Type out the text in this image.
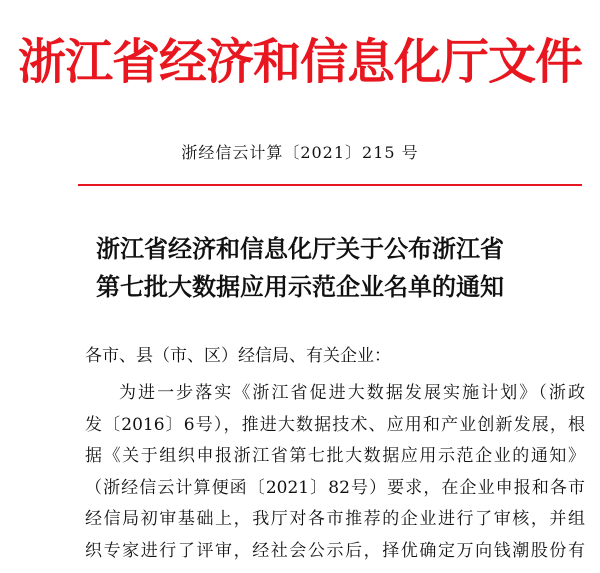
浙江省经济和信息化厅文件
浙经信云计算〔2021〕215 号
浙江省经济和信息化厅关于公布浙江省
第七批大数据应用示范企业名单的通知
各市、县（市、区）经信局、有关企业：
为进一步落实《浙江省促进大数据发展实施计划》（浙政
发〔2016〕6号），推进大数据技术、应用和产业创新发展，根
据《关于组织申报浙江省第七批大数据应用示范企业的通知》
（浙经信云计算便函〔2021〕82号）要求，在企业申报和各市
经信局初审基础上，我厅对各市推荐的企业进行了审核，并组
织专家进行了评审，经社会公示后，择优确定万向钱潮股份有
